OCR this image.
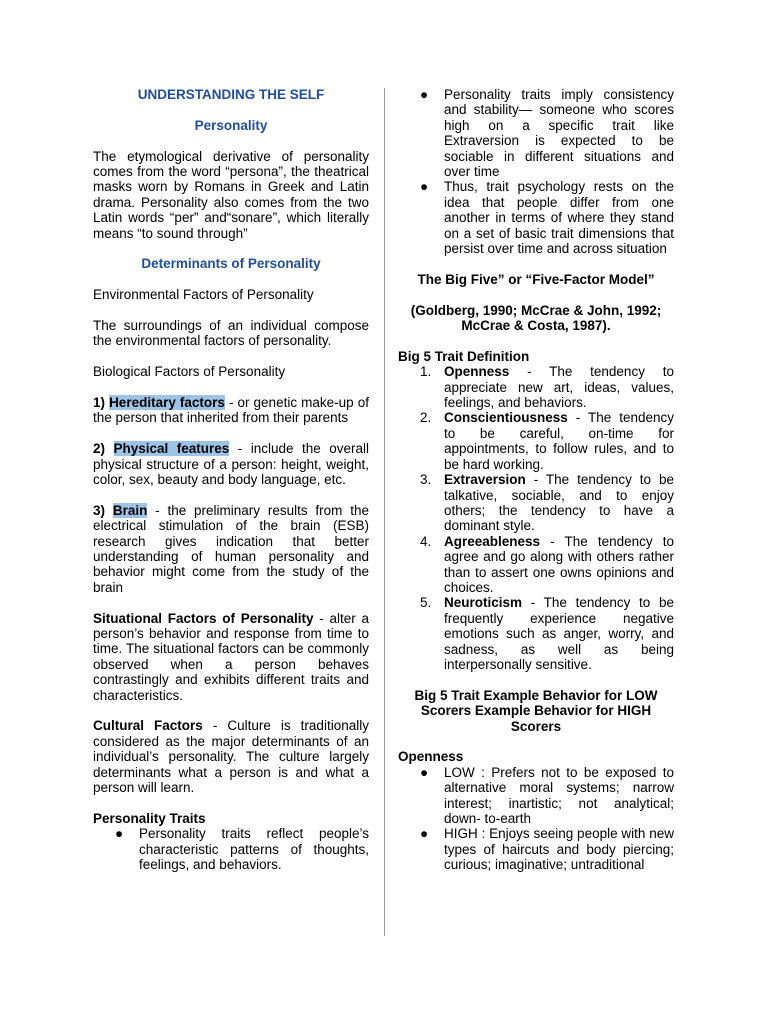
UNDERSTANDING THE SELF

Personality

The etymological derivative of personality comes from the word “persona”, the theatrical masks worn by Romans in Greek and Latin drama. Personality also comes from the two Latin words “per” and“sonare”, which literally means “to sound through”

Determinants of Personality

Environmental Factors of Personality

The surroundings of an individual compose the environmental factors of personality.

Biological Factors of Personality

1) Hereditary factors - or genetic make-up of the person that inherited from their parents

2) Physical features - include the overall physical structure of a person: height, weight, color, sex, beauty and body language, etc.

3) Brain - the preliminary results from the electrical stimulation of the brain (ESB) research gives indication that better understanding of human personality and behavior might come from the study of the brain

Situational Factors of Personality - alter a person’s behavior and response from time to time. The situational factors can be commonly observed when a person behaves contrastingly and exhibits different traits and characteristics.

Cultural Factors - Culture is traditionally considered as the major determinants of an individual’s personality. The culture largely determinants what a person is and what a person will learn.

Personality Traits

● Personality traits reflect people’s characteristic patterns of thoughts, feelings, and behaviors.
● Personality traits imply consistency and stability— someone who scores high on a specific trait like Extraversion is expected to be sociable in different situations and over time
● Thus, trait psychology rests on the idea that people differ from one another in terms of where they stand on a set of basic trait dimensions that persist over time and across situation

The Big Five” or “Five-Factor Model”

(Goldberg, 1990; McCrae & John, 1992; McCrae & Costa, 1987).

Big 5 Trait Definition

1. Openness - The tendency to appreciate new art, ideas, values, feelings, and behaviors.
2. Conscientiousness - The tendency to be careful, on-time for appointments, to follow rules, and to be hard working.
3. Extraversion - The tendency to be talkative, sociable, and to enjoy others; the tendency to have a dominant style.
4. Agreeableness - The tendency to agree and go along with others rather than to assert one owns opinions and choices.
5. Neuroticism - The tendency to be frequently experience negative emotions such as anger, worry, and sadness, as well as being interpersonally sensitive.

Big 5 Trait Example Behavior for LOW Scorers Example Behavior for HIGH Scorers

Openness

● LOW : Prefers not to be exposed to alternative moral systems; narrow interest; inartistic; not analytical; down- to-earth
● HIGH : Enjoys seeing people with new types of haircuts and body piercing; curious; imaginative; untraditional
